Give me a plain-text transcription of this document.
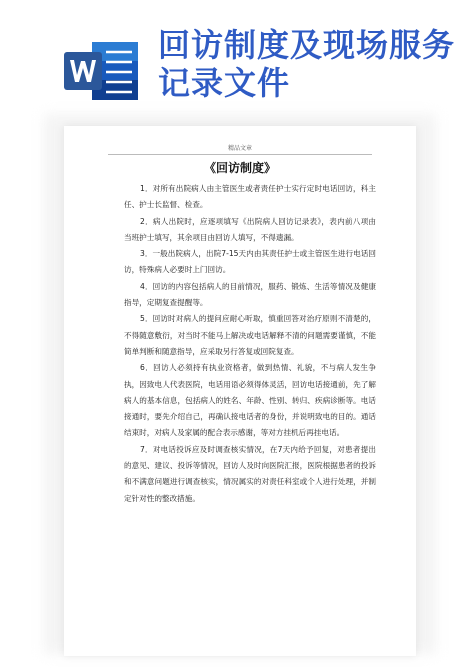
回访制度及现场服务记录文件
精品文章
《回访制度》

1．对所有出院病人由主管医生或者责任护士实行定时电话回访，科主任、护士长监督、检查。

2．病人出院时，应逐项填写《出院病人回访记录表》，表内前八项由当班护士填写，其余项目由回访人填写，不得遗漏。

3．一般出院病人，出院7-15天内由其责任护士或主管医生进行电话回访，特殊病人必要时上门回访。

4．回访的内容包括病人的目前情况，服药、锻炼、生活等情况及健康指导，定期复查提醒等。

5．回访时对病人的提问应耐心听取，慎重回答对治疗原则不清楚的，不得随意敷衍，对当时不能马上解决或电话解释不清的问题需要谨慎，不能简单判断和随意指导，应采取另行答复或回院复查。

6．回访人必须持有执业资格者，做到热情、礼貌，不与病人发生争执，因致电人代表医院，电话用语必须得体灵活，回访电话接通前，先了解病人的基本信息，包括病人的姓名、年龄、性别、转归、疾病诊断等。电话接通时，要先介绍自己，再确认接电话者的身份，并说明致电的目的。通话结束时，对病人及家属的配合表示感谢，等对方挂机后再挂电话。

7．对电话投诉应及时调查核实情况，在7天内给予回复，对患者提出的意见、建议、投诉等情况，回访人及时向医院汇报，医院根据患者的投诉和不满意问题进行调查核实，情况属实的对责任科室或个人进行处理，并制定针对性的整改措施。
